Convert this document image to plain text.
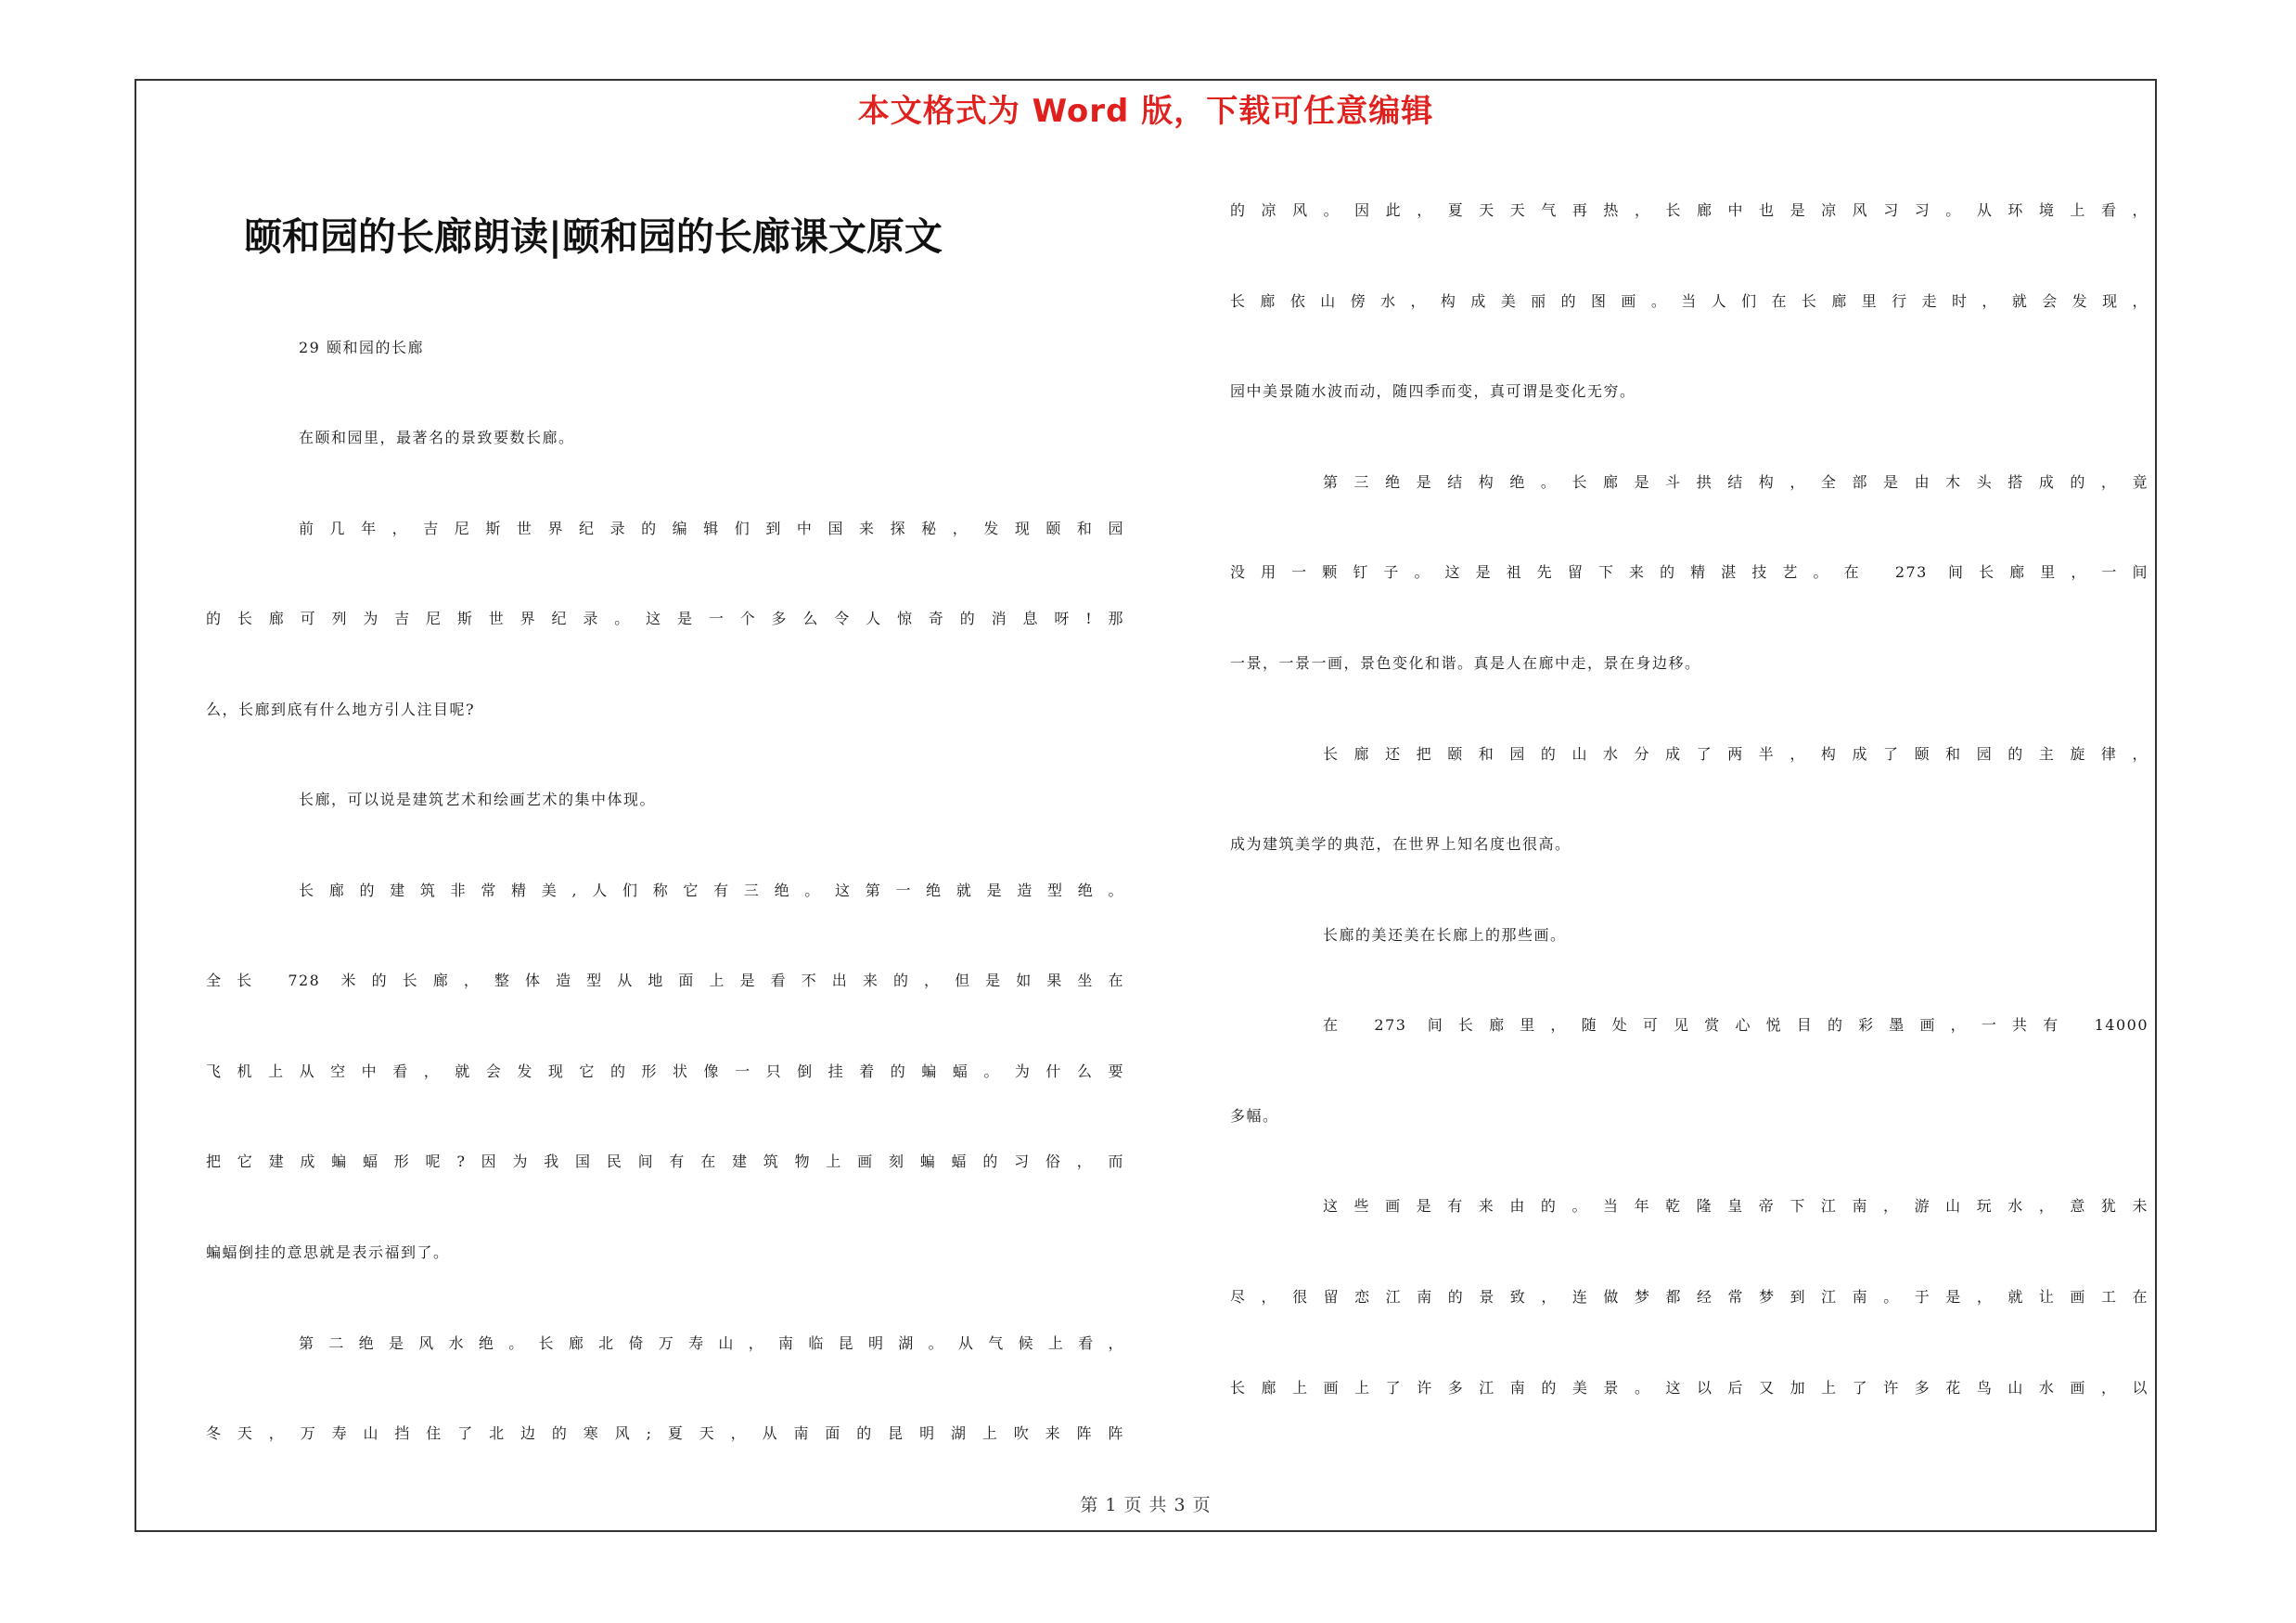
本文格式为 Word 版，下载可任意编辑
颐和园的长廊朗读|颐和园的长廊课文原文
29 颐和园的长廊
在颐和园里，最著名的景致要数长廊。
前几年，吉尼斯世界纪录的编辑们到中国来探秘，发现颐和园
的长廊可列为吉尼斯世界纪录。这是一个多么令人惊奇的消息呀!那
么，长廊到底有什么地方引人注目呢?
长廊，可以说是建筑艺术和绘画艺术的集中体现。
长廊的建筑非常精美,人们称它有三绝。这第一绝就是造型绝。
全长 728 米的长廊，整体造型从地面上是看不出来的，但是如果坐在
飞机上从空中看，就会发现它的形状像一只倒挂着的蝙蝠。为什么要
把它建成蝙蝠形呢?因为我国民间有在建筑物上画刻蝙蝠的习俗，而
蝙蝠倒挂的意思就是表示福到了。
第二绝是风水绝。长廊北倚万寿山，南临昆明湖。从气候上看，
冬天，万寿山挡住了北边的寒风;夏天，从南面的昆明湖上吹来阵阵
的凉风。因此，夏天天气再热，长廊中也是凉风习习。从环境上看，
长廊依山傍水，构成美丽的图画。当人们在长廊里行走时，就会发现，
园中美景随水波而动，随四季而变，真可谓是变化无穷。
第三绝是结构绝。长廊是斗拱结构，全部是由木头搭成的，竟
没用一颗钉子。这是祖先留下来的精湛技艺。在 273 间长廊里，一间
一景，一景一画，景色变化和谐。真是人在廊中走，景在身边移。
长廊还把颐和园的山水分成了两半，构成了颐和园的主旋律，
成为建筑美学的典范，在世界上知名度也很高。
长廊的美还美在长廊上的那些画。
在 273 间长廊里，随处可见赏心悦目的彩墨画，一共有 14000
多幅。
这些画是有来由的。当年乾隆皇帝下江南，游山玩水，意犹未
尽，很留恋江南的景致，连做梦都经常梦到江南。于是，就让画工在
长廊上画上了许多江南的美景。这以后又加上了许多花鸟山水画，以
第 1 页 共 3 页
